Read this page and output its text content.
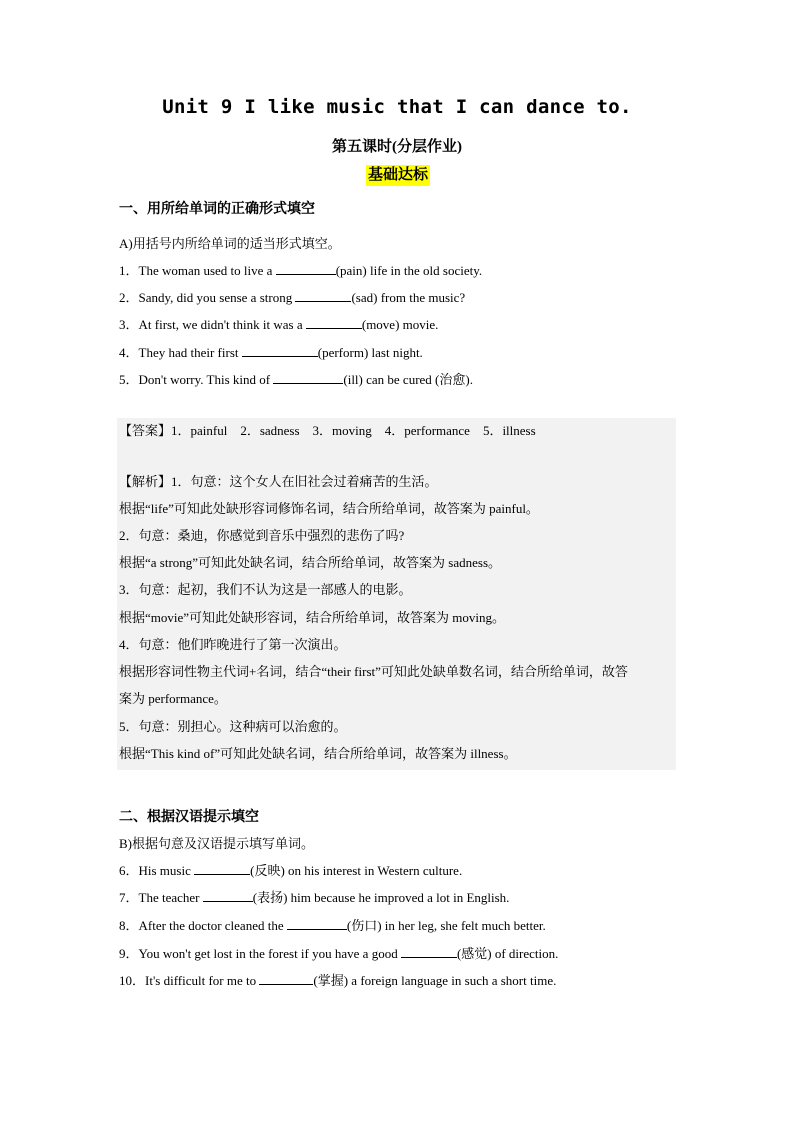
Unit 9 I like music that I can dance to.
第五课时(分层作业)
基础达标
一、用所给单词的正确形式填空
A)用括号内所给单词的适当形式填空。
1．The woman used to live a	(pain) life in the old society.
2．Sandy, did you sense a strong	(sad) from the music?
3．At first, we didn't think it was a	(move) movie.
4．They had their first	(perform) last night.
5．Don't worry. This kind of	(ill) can be cured (治愈).
【答案】1．painful    2．sadness    3．moving    4．performance    5．illness
【解析】1．句意：这个女人在旧社会过着痛苦的生活。
根据“life”可知此处缺形容词修饰名词，结合所给单词，故答案为 painful。
2．句意：桑迪，你感觉到音乐中强烈的悲伤了吗?
根据“a strong”可知此处缺名词，结合所给单词，故答案为 sadness。
3．句意：起初，我们不认为这是一部感人的电影。
根据“movie”可知此处缺形容词，结合所给单词，故答案为 moving。
4．句意：他们昨晚进行了第一次演出。
根据形容词性物主代词+名词，结合“their first”可知此处缺单数名词，结合所给单词，故答
案为 performance。
5．句意：别担心。这种病可以治愈的。
根据“This kind of”可知此处缺名词，结合所给单词，故答案为 illness。
二、根据汉语提示填空
B)根据句意及汉语提示填写单词。
6．His music	(反映) on his interest in Western culture.
7．The teacher	(表扬) him because he improved a lot in English.
8．After the doctor cleaned the	(伤口) in her leg, she felt much better.
9．You won't get lost in the forest if you have a good	(感觉) of direction.
10．It's difficult for me to	(掌握) a foreign language in such a short time.
